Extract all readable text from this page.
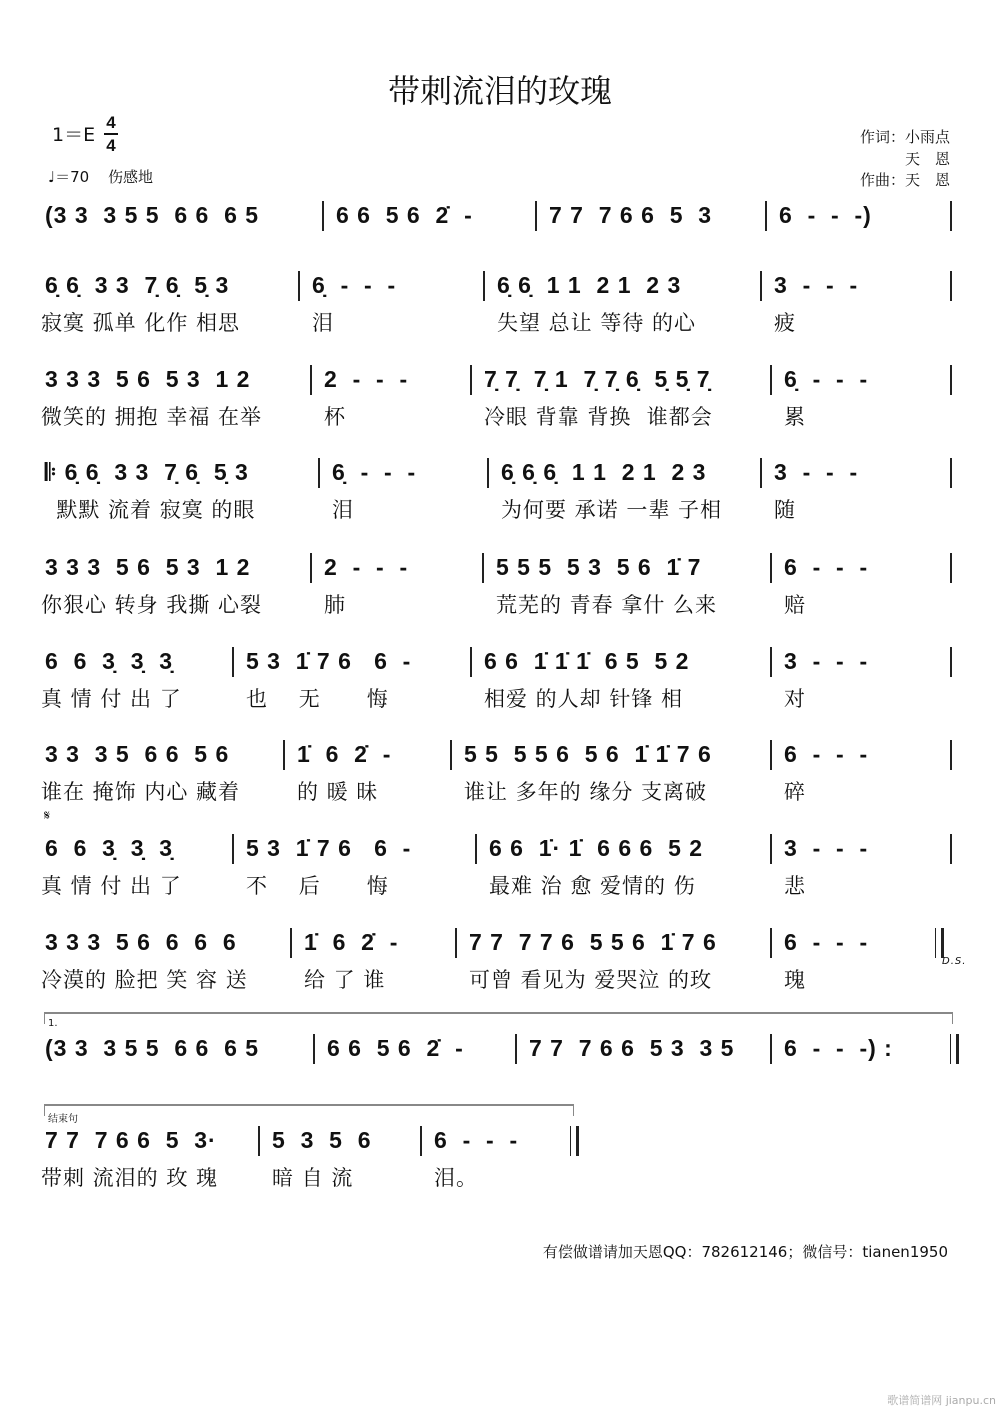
带刺流泪的玫瑰
1＝E
4
4
♩＝70 伤感地
作词：小雨点
天　恩
作曲：天　恩
(3 3  3 5 5  6 6  6 5	6 6  5 6  2̇  -	7 7  7 6 6  5  3	6  -  -  -)
6̣ 6̣  3 3  7̣ 6̣  5̣ 3
寂寞 孤单 化作 相思
6̣  -  -  -
泪
6̣ 6̣  1 1  2 1  2 3
失望 总让 等待 的心
3  -  -  -
疲
3 3 3  5 6  5 3  1 2
微笑的 拥抱 幸福 在举
2  -  -  -
杯
7̣ 7̣  7̣ 1  7̣ 7̣ 6̣  5̣ 5̣ 7̣
冷眼 背靠 背换  谁都会
6̣  -  -  -
累
𝄆 6̣ 6̣  3 3  7̣ 6̣  5̣ 3
默默 流着 寂寞 的眼
6̣  -  -  -
泪
6̣ 6̣ 6̣  1 1  2 1  2 3
为何要 承诺 一辈 子相
3  -  -  -
随
3 3 3  5 6  5 3  1 2
你狠心 转身 我撕 心裂
2  -  -  -
肺
5 5 5  5 3  5 6  1̇ 7
荒芜的 青春 拿什 么来
6  -  -  -
赔
6  6  3̣  3̣  3̣
真 情 付 出 了
5 3  1̇ 7 6   6  -
也    无      悔
6 6  1̇ 1̇ 1̇  6 5  5 2
相爱 的人却 针锋 相
3  -  -  -
对
3 3  3 5  6 6  5 6
谁在 掩饰 内心 藏着
1̇  6  2̇  -
的 暖 昧
5 5  5 5 6  5 6  1̇ 1̇ 7 6
谁让 多年的 缘分 支离破
6  -  -  -
碎
6  6  3̣  3̣  3̣
真 情 付 出 了
5 3  1̇ 7 6   6  -
不    后      悔
6 6  1̇· 1̇  6 6 6  5 2
最难 治 愈 爱情的 伤
3  -  -  -
悲
𝄋
3 3 3  5 6  6  6  6
冷漠的 脸把 笑 容 送
1̇  6  2̇  -
给 了 谁
7 7  7 7 6  5 5 6  1̇ 7 6
可曾 看见为 爱哭泣 的玫
6  -  -  -
瑰
D.S.
(3 3  3 5 5  6 6  6 5	6 6  5 6  2̇  -	7 7  7 6 6  5 3  3 5 6  -  -  -) :
1.
7 7  7 6 6  5  3·
带刺 流泪的 玫 瑰
5  3  5  6
暗 自 流
6  -  -  -
泪。
结束句
有偿做谱请加天恩QQ：782612146；微信号：tianen1950
歌谱简谱网 jianpu.cn
